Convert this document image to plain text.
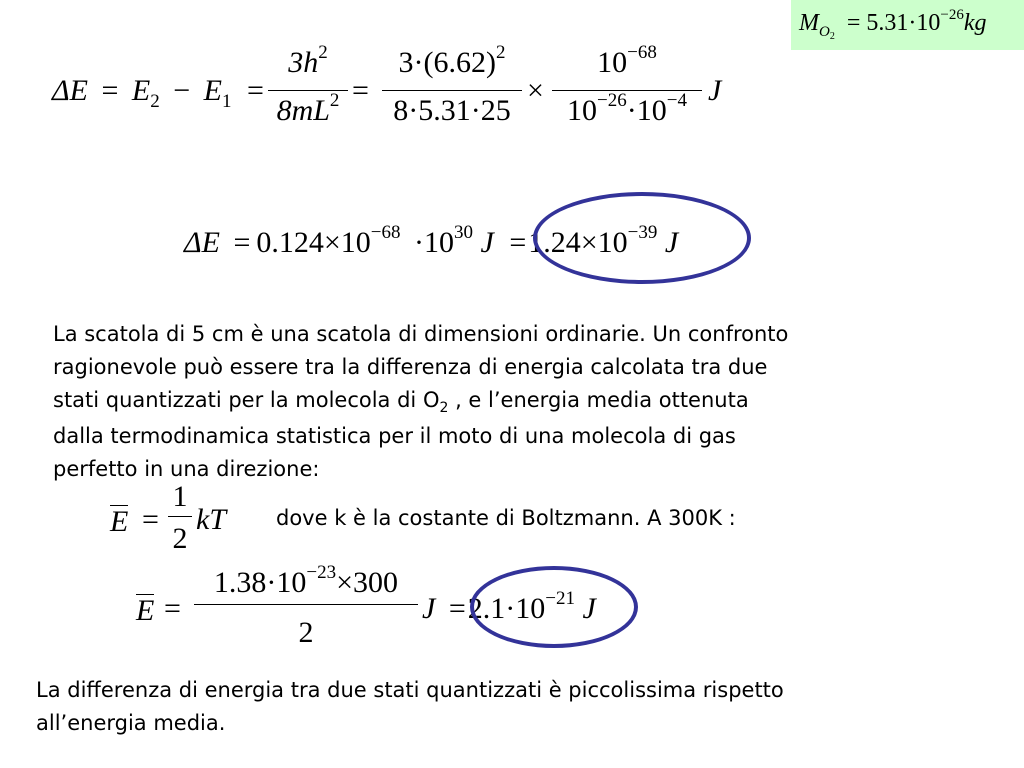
$M_{O2} = 5.31\cdot 10^{-26}kg$
$\Delta E = E_2 - E_1$ =
$3h^2$
$8mL^2$ =
$3\cdot(6.62)^2$
8·5.31·25
×
$10^{-68}$
$10^{-26}\cdot 10^{-4}$ J
$\Delta E = 0.124\times 10^{-68} \cdot 10^{30}$ $J =1.24\times 10^{-39}$ J
La scatola di 5 cm è una scatola di dimensioni ordinarie. Un confronto
ragionevole può essere tra la differenza di energia calcolata tra due
stati quantizzati per la molecola di $O_2$ , e l’energia media ottenuta
dalla termodinamica statistica per il moto di una molecola di gas
perfetto in una direzione:
E =
1
2
kT dove k è la costante di Boltzmann. A 300K :
E =
$1.38\cdot 10^{-23}\times 300$
2
$J =2.1\cdot 10^{-21}$ J
La differenza di energia tra due stati quantizzati è piccolissima rispetto
all’energia media.
